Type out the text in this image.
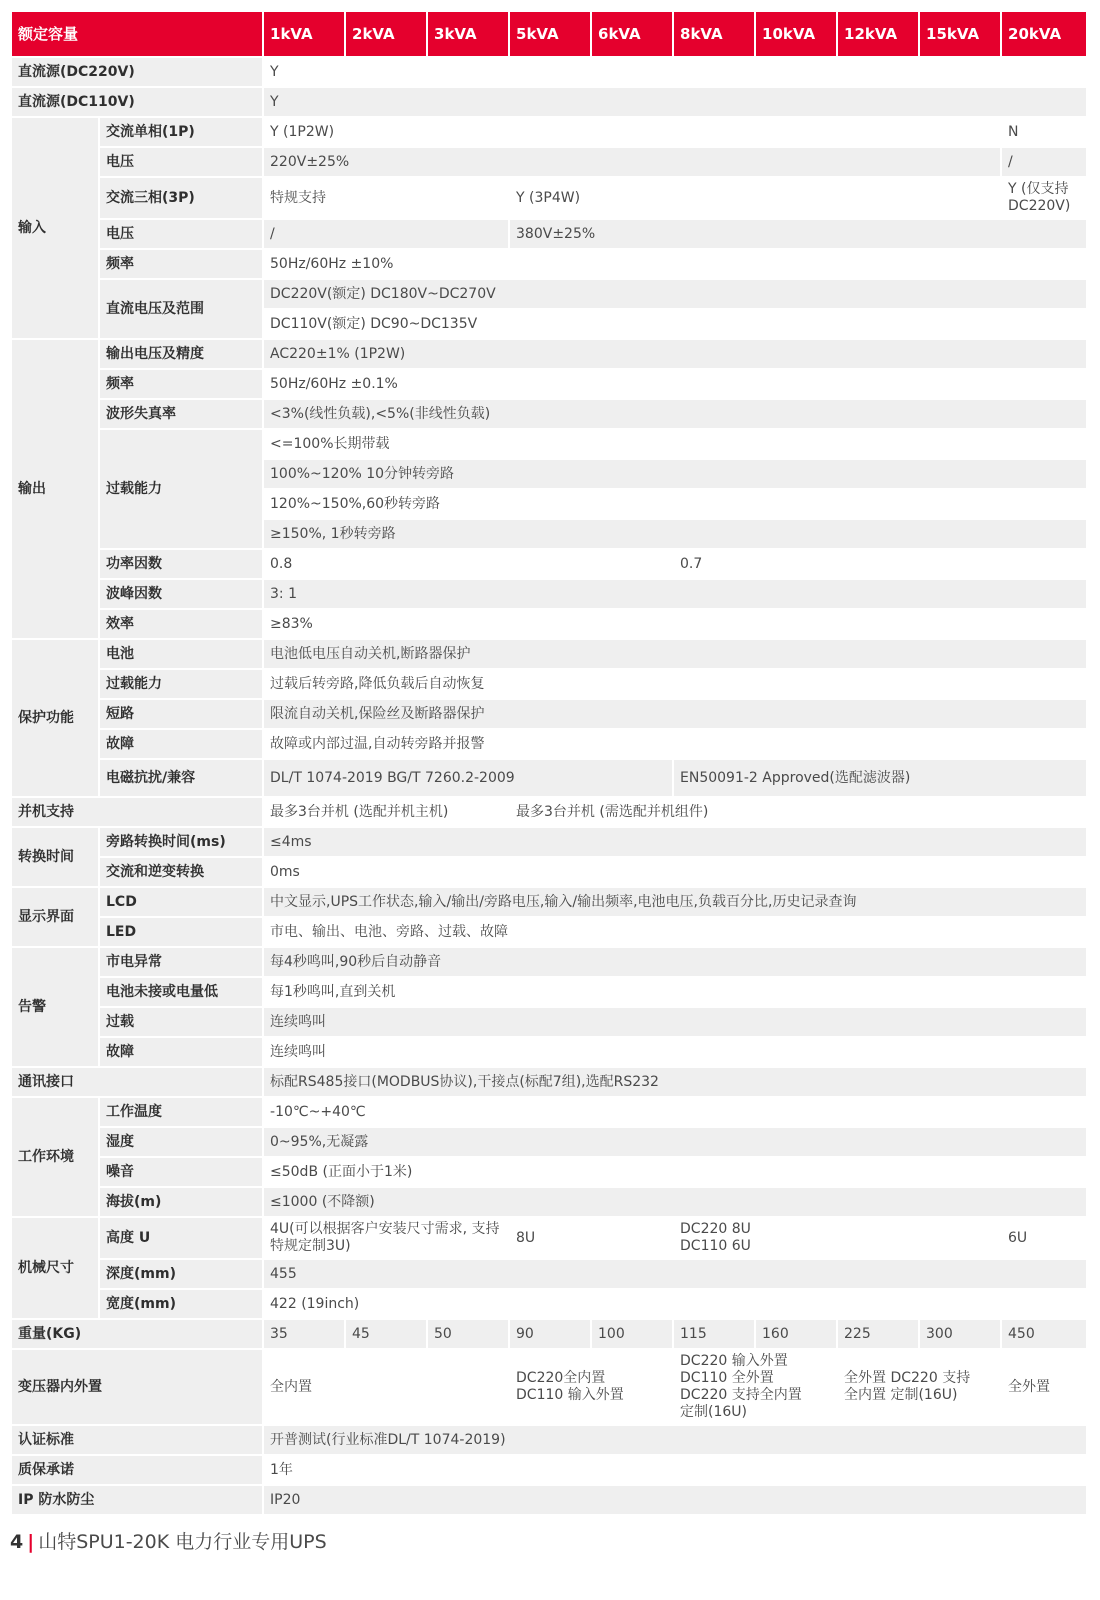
额定容量		1kVA	2kVA	3kVA	5kVA	6kVA	8kVA	10kVA	12kVA	15kVA	20kVA
直流源(DC220V)		Y									
直流源(DC110V)		Y									
输入	交流单相(1P)	Y (1P2W)									N
	电压	220V±25%									/
	交流三相(3P)	特规支持			Y (3P4W)						Y (仅支持 DC220V)
	电压	/			380V±25%						
	频率	50Hz/60Hz ±10%									
	直流电压及范围	DC220V(额定) DC180V~DC270V									
		DC110V(额定) DC90~DC135V									
输出	输出电压及精度	AC220±1% (1P2W)									
	频率	50Hz/60Hz ±0.1%									
	波形失真率	<3%(线性负载),<5%(非线性负载)									
	过载能力	<=100%长期带载									
		100%~120% 10分钟转旁路									
		120%~150%,60秒转旁路									
		≥150%, 1秒转旁路									
	功率因数	0.8					0.7				
	波峰因数	3: 1									
	效率	≥83%									
保护功能	电池	电池低电压自动关机,断路器保护									
	过载能力	过载后转旁路,降低负载后自动恢复									
	短路	限流自动关机,保险丝及断路器保护									
	故障	故障或内部过温,自动转旁路并报警									
	电磁抗扰/兼容	DL/T 1074-2019 BG/T 7260.2-2009					EN50091-2 Approved(选配滤波器)				
并机支持		最多3台并机 (选配并机主机)			最多3台并机 (需选配并机组件)						
转换时间	旁路转换时间(ms)	≤4ms									
	交流和逆变转换	0ms									
显示界面	LCD	中文显示,UPS工作状态,输入/输出/旁路电压,输入/输出频率,电池电压,负载百分比,历史记录查询									
	LED	市电、输出、电池、旁路、过载、故障									
告警	市电异常	每4秒鸣叫,90秒后自动静音									
	电池未接或电量低	每1秒鸣叫,直到关机									
	过载	连续鸣叫									
	故障	连续鸣叫									
通讯接口		标配RS485接口(MODBUS协议),干接点(标配7组),选配RS232									
工作环境	工作温度	-10℃~+40℃									
	湿度	0~95%,无凝露									
	噪音	≤50dB (正面小于1米)									
	海拔(m)	≤1000 (不降额)									
机械尺寸	高度 U	4U(可以根据客户安装尺寸需求, 支持特规定制3U)			8U		DC220 8U DC110 6U				6U
	深度(mm)	455									
	宽度(mm)	422 (19inch)									
重量(KG)		35	45	50	90	100	115	160	225	300	450
变压器内外置		全内置			DC220全内置 DC110 输入外置		DC220 输入外置 DC110 全外置 DC220 支持全内置 定制(16U)		全外置 DC220 支持全内置 定制(16U)		全外置
认证标准		开普测试(行业标准DL/T 1074-2019)									
质保承诺		1年									
IP 防水防尘		IP20									
4 | 山特SPU1-20K 电力行业专用UPS
